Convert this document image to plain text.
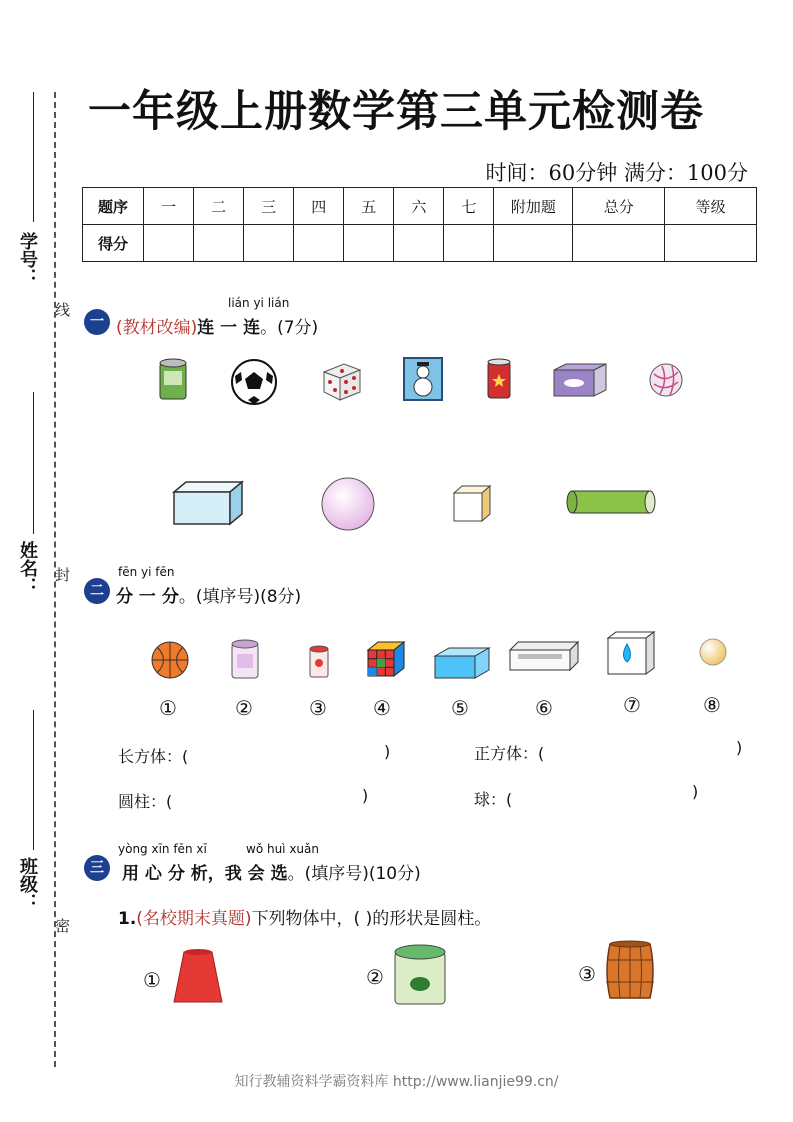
学号：
线
姓名： 封
班级：
密
一年级上册数学第三单元检测卷
时间：60分钟 满分：100分
题序	一	二	三	四	五	六	七	附加题	总分	等级
得分										
一
lián yi lián
(教材改编)连 一 连。(7分)
二
fēn yi fēn
分 一 分。(填序号)(8分)
①	②	③ ④	⑤	⑥	⑦	⑧
长方体：(	)	正方体：(	)
圆柱：(	)	球：(	)
三
yòng xīn fēn xī	wǒ huì xuǎn
用 心 分 析，我 会 选。(填序号)(10分)
1.(名校期末真题)下列物体中，( )的形状是圆柱。
①	②	③
知行教辅资料学霸资料库 http://www.lianjie99.cn/
